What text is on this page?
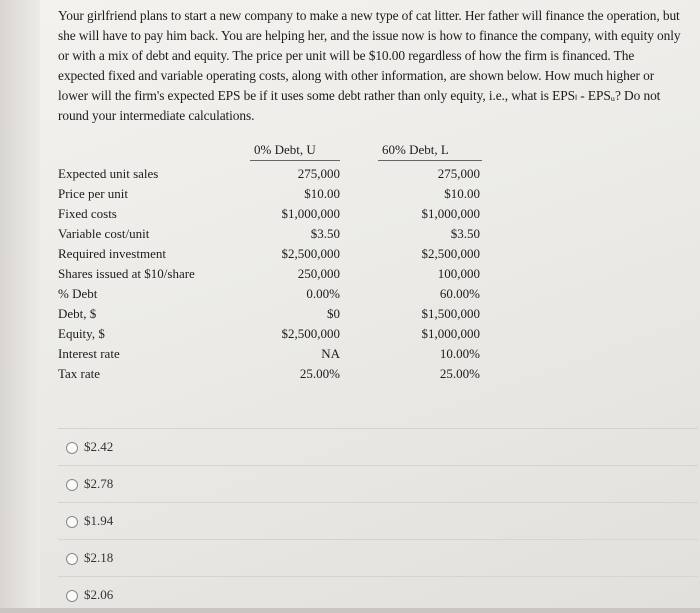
Your girlfriend plans to start a new company to make a new type of cat litter. Her father will finance the operation, but she will have to pay him back. You are helping her, and the issue now is how to finance the company, with equity only or with a mix of debt and equity. The price per unit will be $10.00 regardless of how the firm is financed. The expected fixed and variable operating costs, along with other information, are shown below. How much higher or lower will the firm's expected EPS be if it uses some debt rather than only equity, i.e., what is EPSₗ - EPSᵤ? Do not round your intermediate calculations.
0% Debt, U	60% Debt, L
Expected unit sales	275,000	275,000
Price per unit	$10.00	$10.00
Fixed costs	$1,000,000	$1,000,000
Variable cost/unit	$3.50	$3.50
Required investment	$2,500,000	$2,500,000
Shares issued at $10/share	250,000	100,000
% Debt	0.00%	60.00%
Debt, $	$0	$1,500,000
Equity, $	$2,500,000	$1,000,000
Interest rate	NA	10.00%
Tax rate	25.00%	25.00%
$2.42
$2.78
$1.94
$2.18
$2.06
